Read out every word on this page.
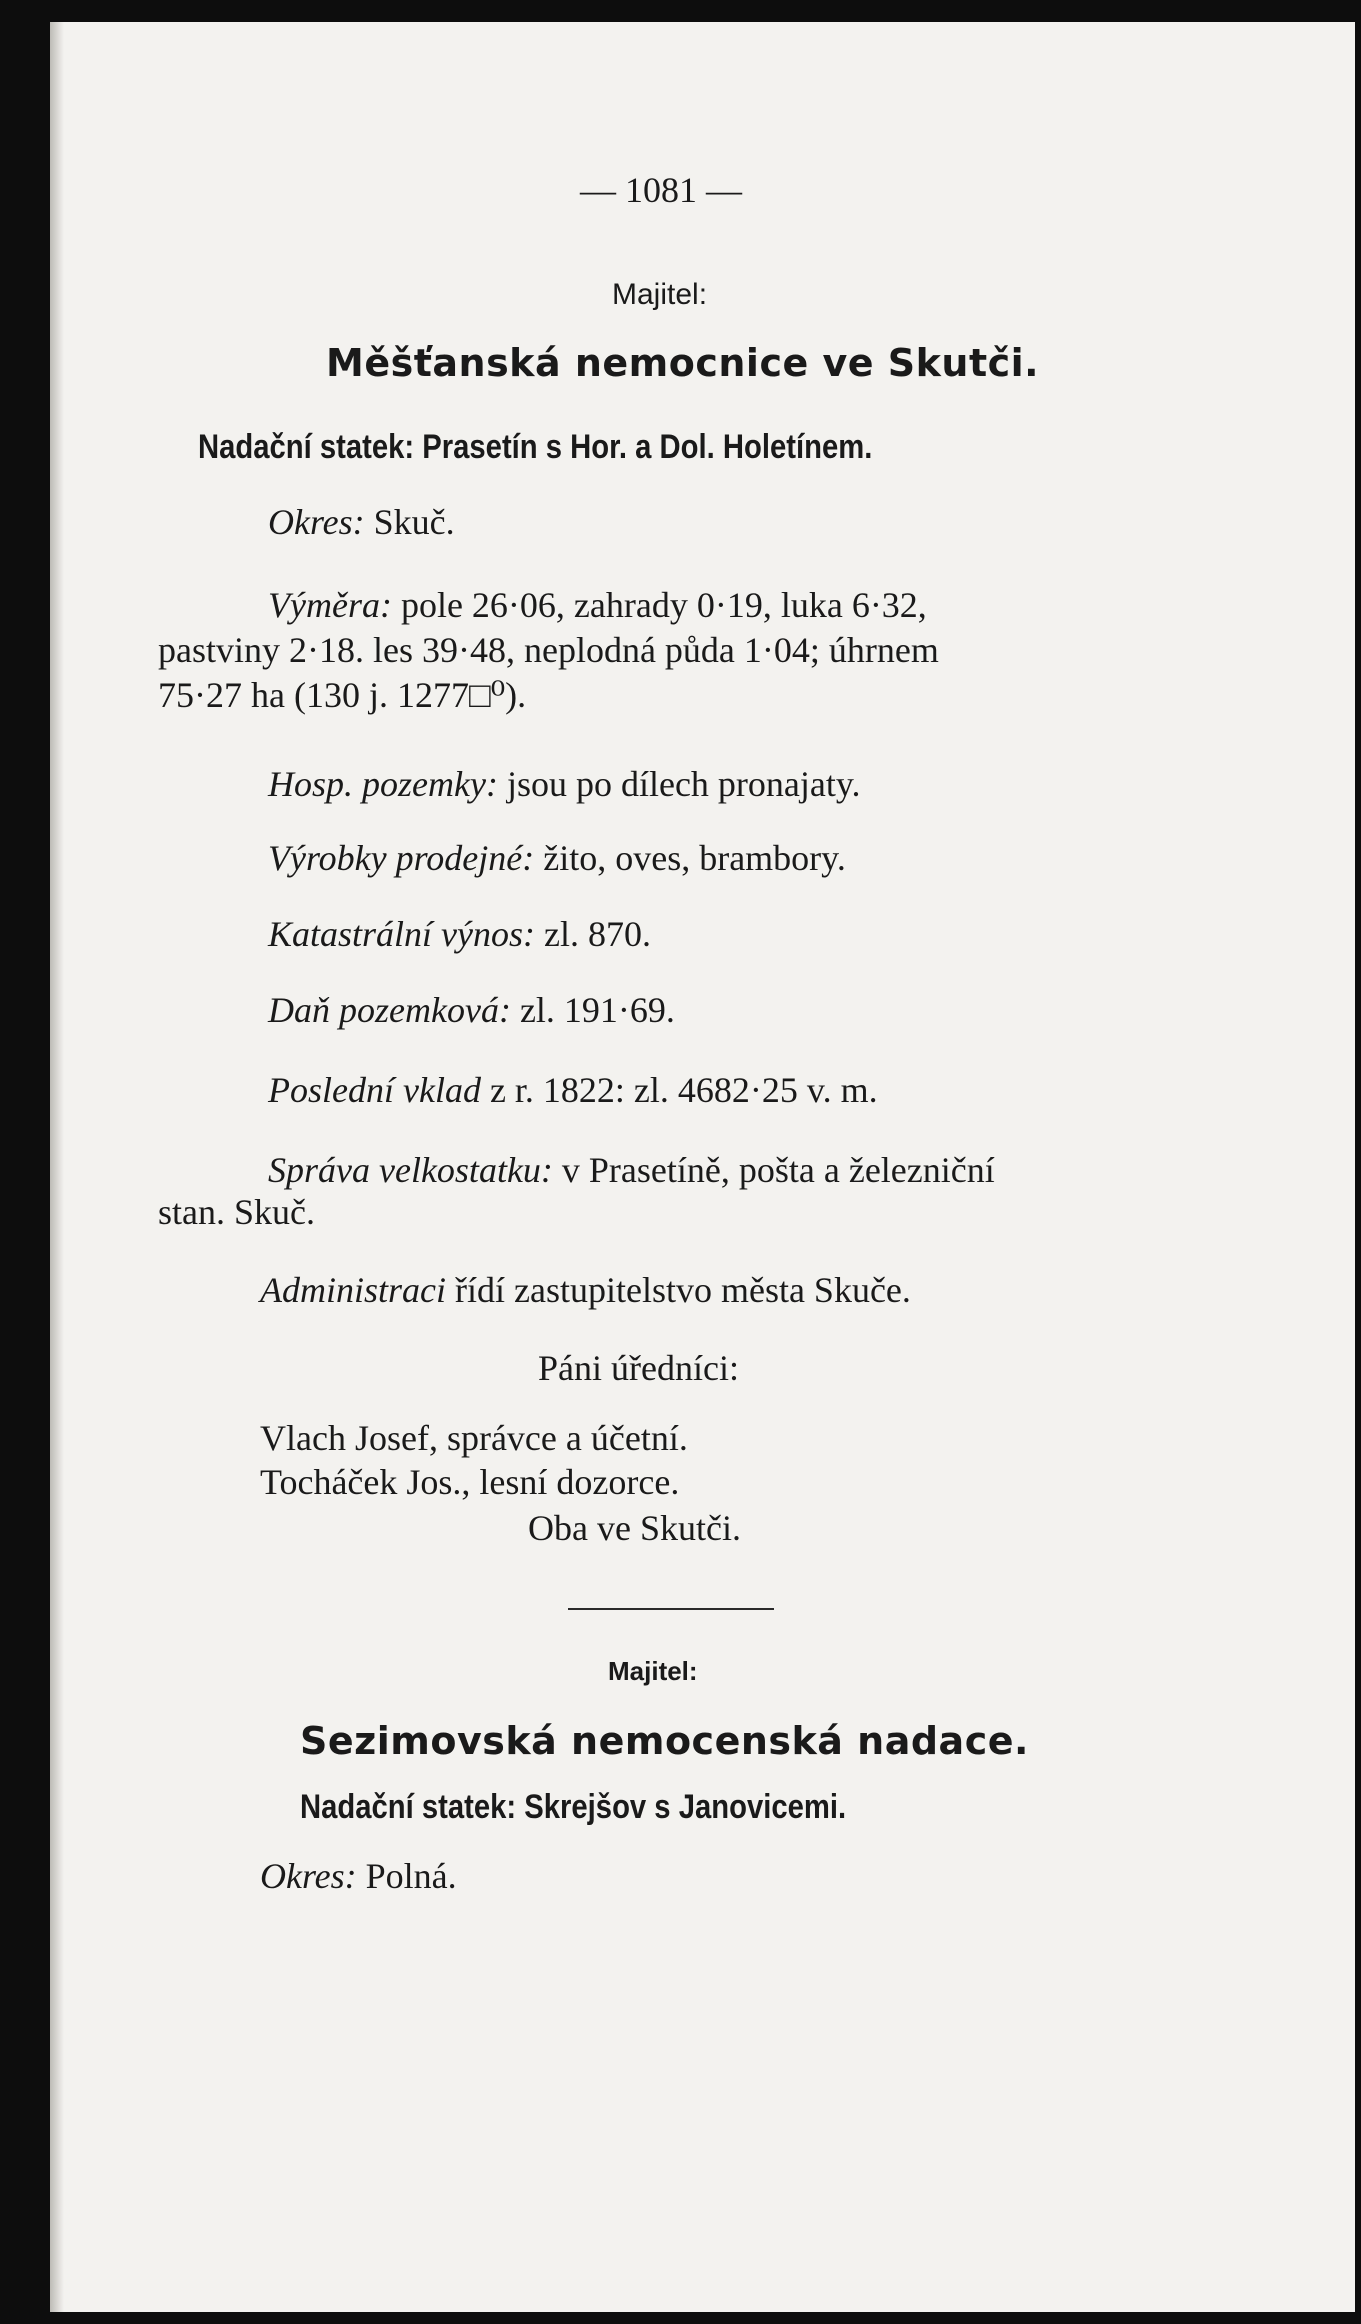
— 1081 —
Majitel:
Měšťanská nemocnice ve Skutči.
Nadační statek: Prasetín s Hor. a Dol. Holetínem.
Okres: Skuč.
Výměra: pole 26·06, zahrady 0·19, luka 6·32,
pastviny 2·18. les 39·48, neplodná půda 1·04; úhrnem
75·27 ha (130 j. 1277□⁰).
Hosp. pozemky: jsou po dílech pronajaty.
Výrobky prodejné: žito, oves, brambory.
Katastrální výnos: zl. 870.
Daň pozemková: zl. 191·69.
Poslední vklad z r. 1822: zl. 4682·25 v. m.
Správa velkostatku: v Prasetíně, pošta a železniční
stan. Skuč.
Administraci řídí zastupitelstvo města Skuče.
Páni úředníci:
Vlach Josef, správce a účetní.
Tocháček Jos., lesní dozorce.
Oba ve Skutči.
Majitel:
Sezimovská nemocenská nadace.
Nadační statek: Skrejšov s Janovicemi.
Okres: Polná.
